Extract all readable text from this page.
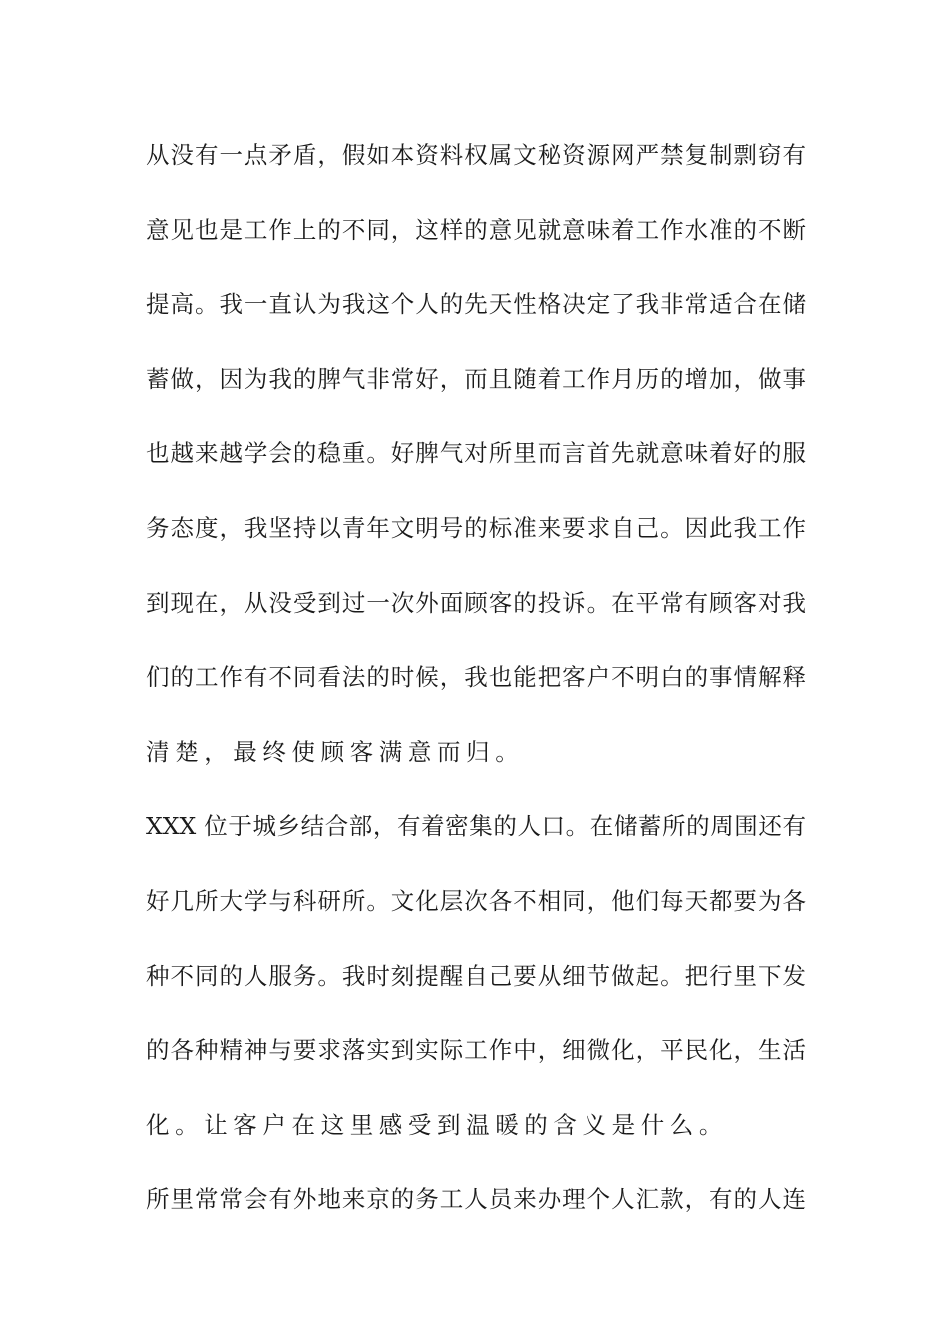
从没有一点矛盾，假如本资料权属文秘资源网严禁复制剽窃有
意见也是工作上的不同，这样的意见就意味着工作水准的不断
提高。我一直认为我这个人的先天性格决定了我非常适合在储
蓄做，因为我的脾气非常好，而且随着工作月历的增加，做事
也越来越学会的稳重。好脾气对所里而言首先就意味着好的服
务态度，我坚持以青年文明号的标准来要求自己。因此我工作
到现在，从没受到过一次外面顾客的投诉。在平常有顾客对我
们的工作有不同看法的时候，我也能把客户不明白的事情解释
清楚，最终使顾客满意而归。
XXX 位于城乡结合部，有着密集的人口。在储蓄所的周围还有
好几所大学与科研所。文化层次各不相同，他们每天都要为各
种不同的人服务。我时刻提醒自己要从细节做起。把行里下发
的各种精神与要求落实到实际工作中，细微化，平民化，生活
化。让客户在这里感受到温暖的含义是什么。
所里常常会有外地来京的务工人员来办理个人汇款，有的人连
